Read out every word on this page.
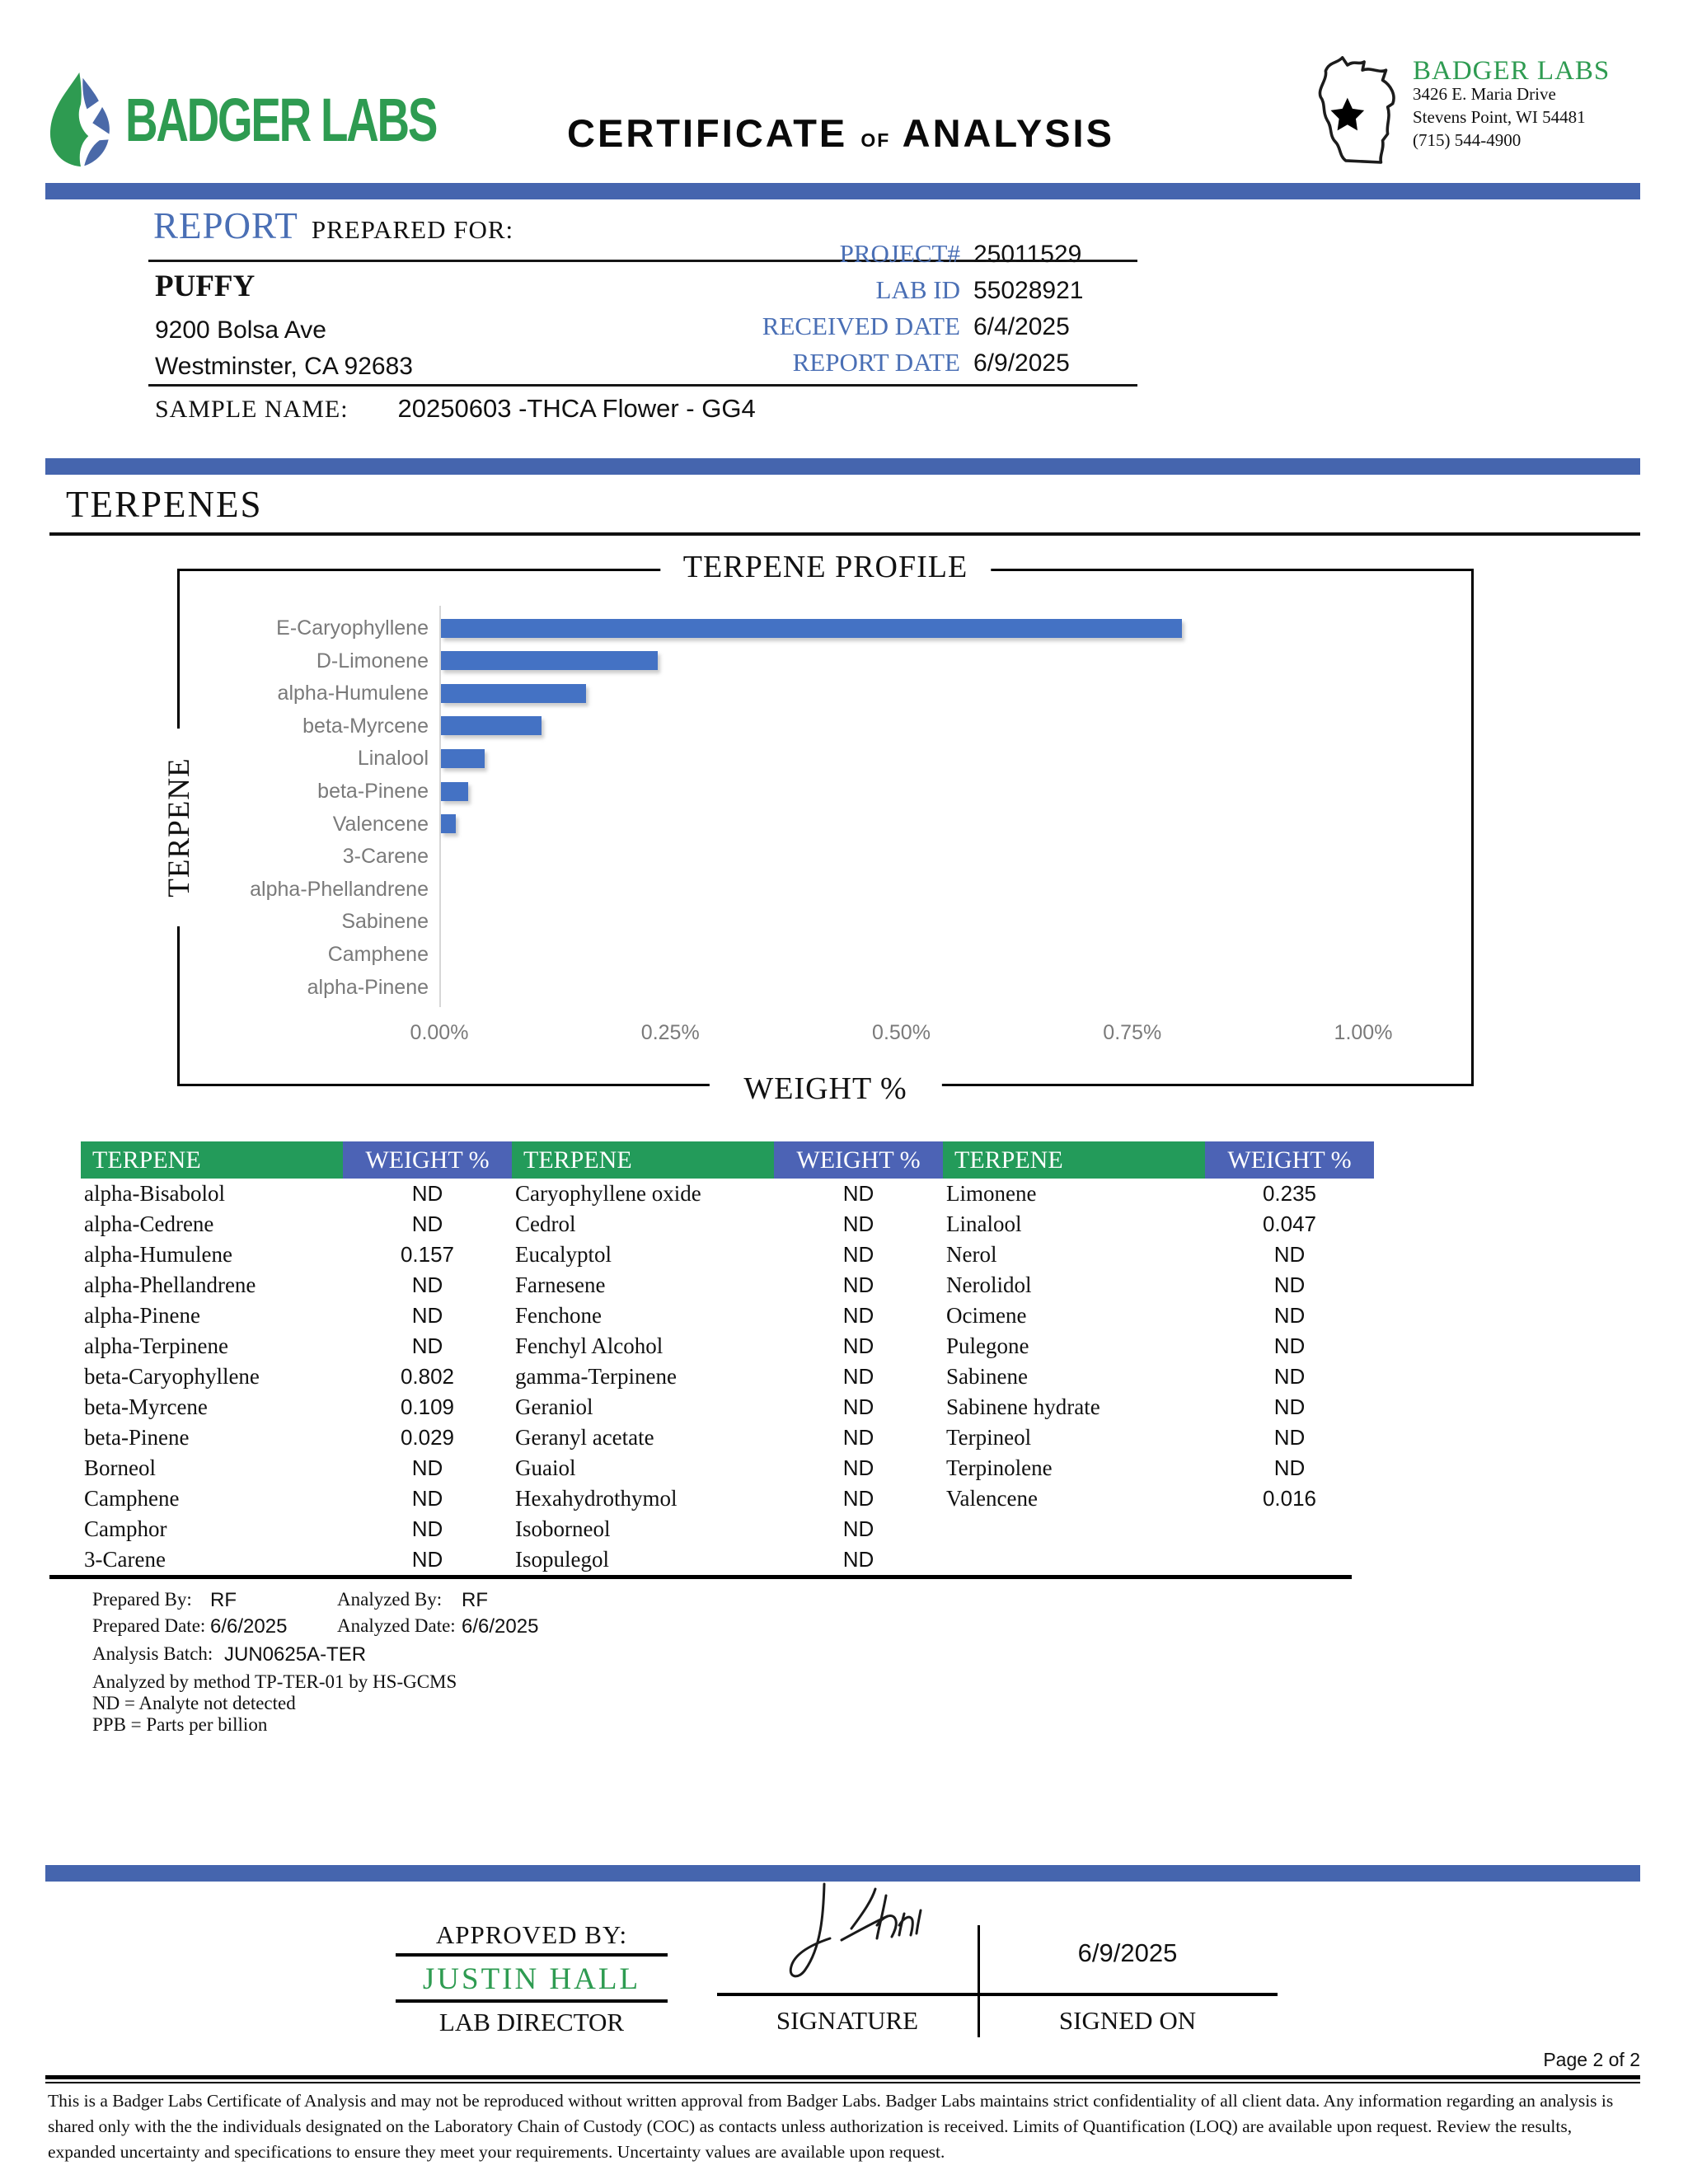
BADGER LABS	CERTIFICATE of ANALYSIS
BADGER LABS
3426 E. Maria Drive
Stevens Point, WI 54481
(715) 544-4900
REPORT PREPARED FOR:
PUFFY
9200 Bolsa Ave
Westminster, CA 92683
PROJECT# 25011529
LAB ID 55028921
RECEIVED DATE 6/4/2025
REPORT DATE 6/9/2025
SAMPLE NAME: 20250603 -THCA Flower - GG4
TERPENES
TERPENE PROFILE
TERPENE
WEIGHT %
E-Caryophyllene
D-Limonene
alpha-Humulene
beta-Myrcene
Linalool
beta-Pinene
Valencene
3-Carene
alpha-Phellandrene
Sabinene
Camphene
alpha-Pinene
0.00%	0.25%	0.50%	0.75%	1.00%
TERPENE	WEIGHT %
alpha-Bisabolol	ND
alpha-Cedrene	ND
alpha-Humulene	0.157
alpha-Phellandrene	ND
alpha-Pinene	ND
alpha-Terpinene	ND
beta-Caryophyllene	0.802
beta-Myrcene	0.109
beta-Pinene	0.029
Borneol	ND
Camphene	ND
Camphor	ND
3-Carene	ND
TERPENE	WEIGHT %
Caryophyllene oxide	ND
Cedrol	ND
Eucalyptol	ND
Farnesene	ND
Fenchone	ND
Fenchyl Alcohol	ND
gamma-Terpinene	ND
Geraniol	ND
Geranyl acetate	ND
Guaiol	ND
Hexahydrothymol	ND
Isoborneol	ND
Isopulegol	ND
TERPENE	WEIGHT %
Limonene	0.235
Linalool	0.047
Nerol	ND
Nerolidol	ND
Ocimene	ND
Pulegone	ND
Sabinene	ND
Sabinene hydrate	ND
Terpineol	ND
Terpinolene	ND
Valencene	0.016
Prepared By: RF	Analyzed By: RF
Prepared Date: 6/6/2025	Analyzed Date: 6/6/2025
Analysis Batch: JUN0625A-TER
Analyzed by method TP-TER-01 by HS-GCMS
ND = Analyte not detected
PPB = Parts per billion
APPROVED BY:
JUSTIN HALL
LAB DIRECTOR	SIGNATURE
6/9/2025
SIGNED ON
Page 2 of 2
This is a Badger Labs Certificate of Analysis and may not be reproduced without written approval from Badger Labs. Badger Labs maintains strict confidentiality of all client data. Any information regarding an analysis is shared only with the the individuals designated on the Laboratory Chain of Custody (COC) as contacts unless authorization is received. Limits of Quantification (LOQ) are available upon request. Review the results, expanded uncertainty and specifications to ensure they meet your requirements. Uncertainty values are available upon request.
